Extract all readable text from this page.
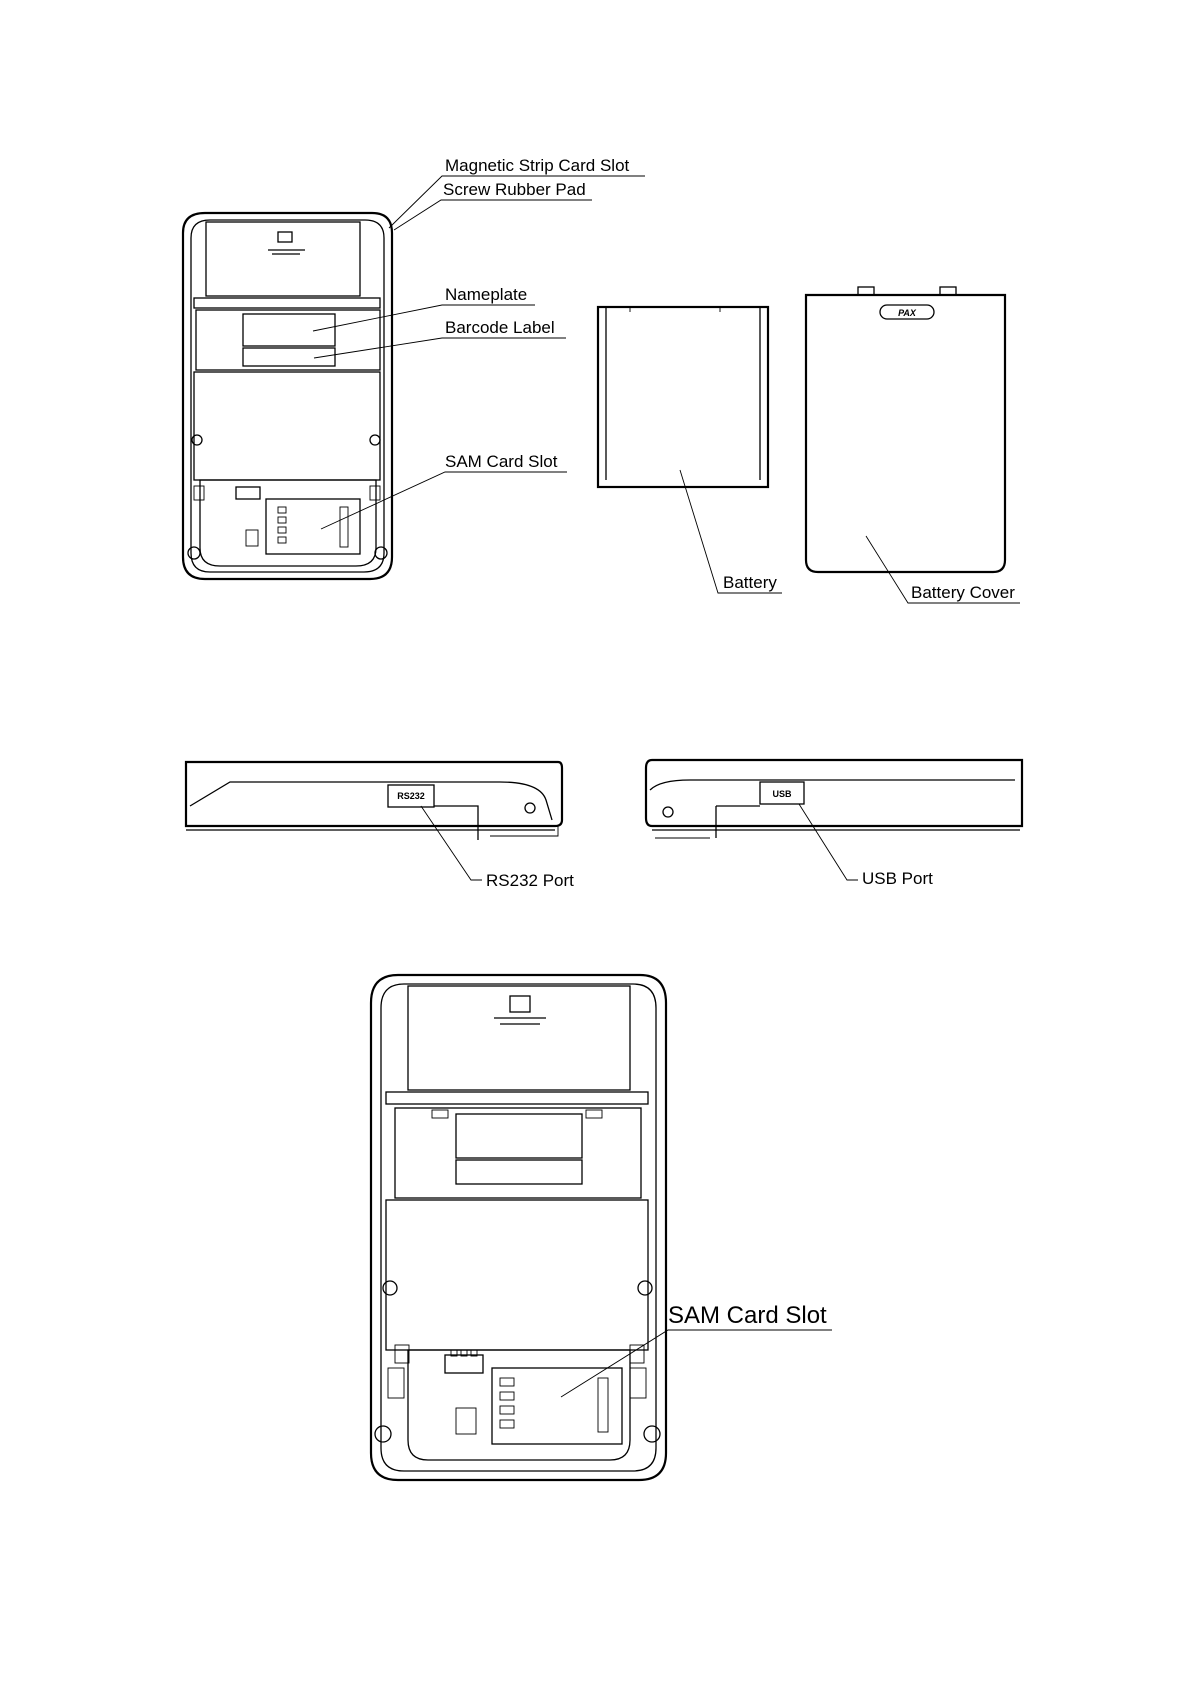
Magnetic Strip Card Slot
Screw Rubber Pad
Nameplate
Barcode Label
SAM Card Slot
Battery
PAX
Battery Cover
RS232
RS232 Port
USB
USB Port
SAM Card Slot
